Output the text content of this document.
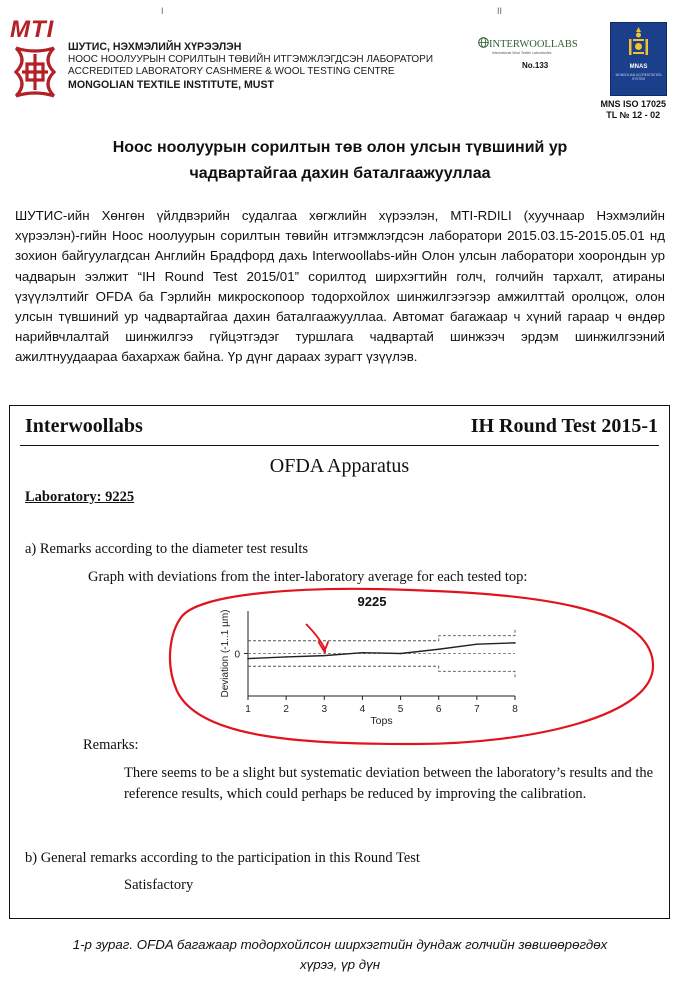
I	II
MTI
ШУТИС, НЭХМЭЛИЙН ХҮРЭЭЛЭН
НООС НООЛУУРЫН СОРИЛТЫН ТӨВИЙН ИТГЭМЖЛЭГДСЭН ЛАБОРАТОРИ
ACCREDITED LABORATORY CASHMERE & WOOL TESTING CENTRE
MONGOLIAN TEXTILE INSTITUTE, MUST
INTERWOOLLABS
International Wool Textile Laboratories
No.133	MNAS
MONGOLIAN ACCREDITATION SYSTEM
MNS ISO 17025
TL № 12 - 02
Ноос ноолуурын сорилтын төв олон улсын түвшиний ур
чадвартайгаа дахин баталгаажууллаа
ШУТИС-ийн Хөнгөн үйлдвэрийн судалгаа хөгжлийн хүрээлэн, MTI-RDILI (хуучнаар Нэхмэлийн хүрээлэн)-гийн Ноос ноолуурын сорилтын төвийн итгэмжлэгдсэн лаборатори 2015.03.15-2015.05.01 нд зохион байгуулагдсан Английн Брадфорд дахь Interwoollabs-ийн Олон улсын лаборатори хоорондын ур чадварын ээлжит “IH Round Test 2015/01” сорилтод ширхэгтийн голч, голчийн тархалт, атираны үзүүлэлтийг OFDA ба Гэрлийн микроскопоор тодорхойлох шинжилгээгээр амжилттай оролцож, олон улсын түвшиний ур чадвартайгаа дахин баталгаажууллаа. Автомат багажаар ч хүний гараар ч өндөр нарийвчлалтай шинжилгээ гүйцэтгэдэг туршлага чадвартай шинжээч эрдэм шинжилгээний ажилтнуудаараа бахархаж байна. Үр дүнг дараах зурагт үзүүлэв.
Interwoollabs	IH Round Test 2015-1
OFDA Apparatus
Laboratory: 9225
a) Remarks according to the diameter test results
Graph with deviations from the inter-laboratory average for each tested top:
1	2	3	4	5	6	7	8
0
9225
Tops
Deviation (-1..1 µm)
Remarks:
There seems to be a slight but systematic deviation between the laboratory’s results and the reference results, which could perhaps be reduced by improving the calibration.
b) General remarks according to the participation in this Round Test
Satisfactory
1-р зураг. OFDA багажаар тодорхойлсон ширхэгтийн дундаж голчийн зөвшөөрөгдөх
хүрээ, үр дүн
